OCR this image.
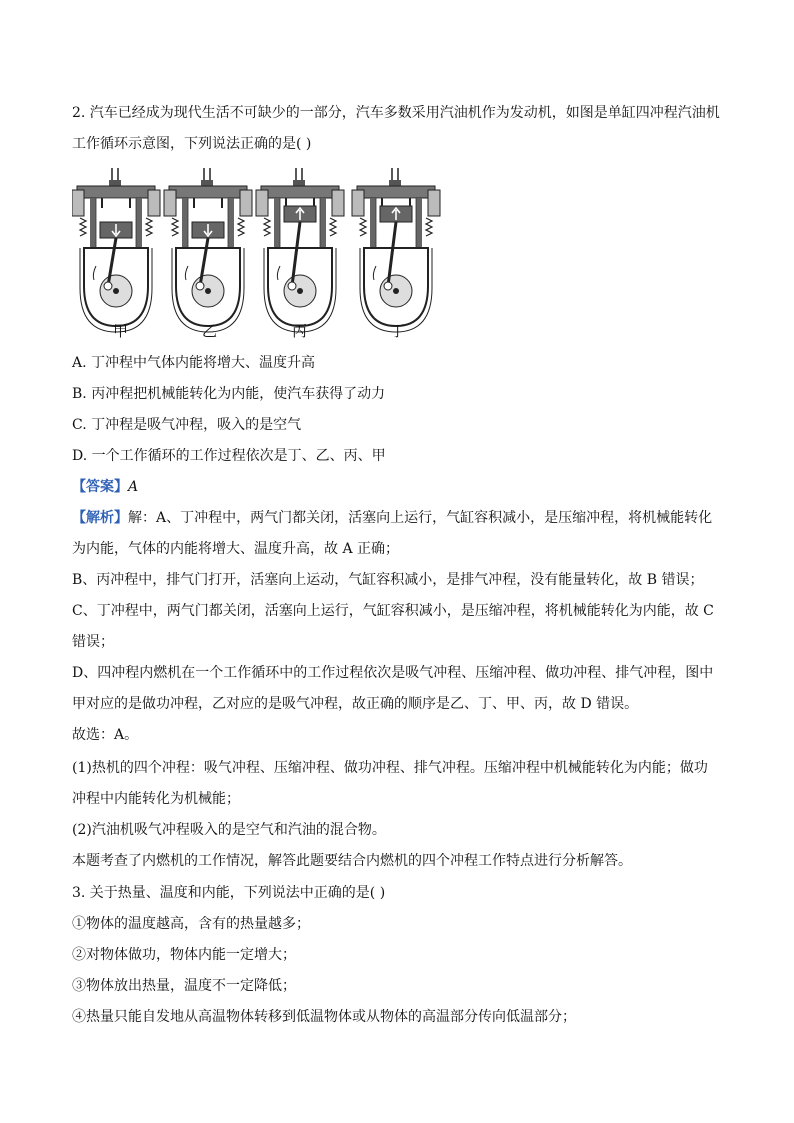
2. 汽车已经成为现代生活不可缺少的一部分，汽车多数采用汽油机作为发动机，如图是单缸四冲程汽油机
工作循环示意图，下列说法正确的是( )
甲	乙	丙	丁
A. 丁冲程中气体内能将增大、温度升高
B. 丙冲程把机械能转化为内能，使汽车获得了动力
C. 丁冲程是吸气冲程，吸入的是空气
D. 一个工作循环的工作过程依次是丁、乙、丙、甲
【答案】A
【解析】解：A、丁冲程中，两气门都关闭，活塞向上运行，气缸容积减小，是压缩冲程，将机械能转化
为内能，气体的内能将增大、温度升高，故 A 正确；
B、丙冲程中，排气门打开，活塞向上运动，气缸容积减小，是排气冲程，没有能量转化，故 B 错误；
C、丁冲程中，两气门都关闭，活塞向上运行，气缸容积减小，是压缩冲程，将机械能转化为内能，故 C
错误；
D、四冲程内燃机在一个工作循环中的工作过程依次是吸气冲程、压缩冲程、做功冲程、排气冲程，图中
甲对应的是做功冲程，乙对应的是吸气冲程，故正确的顺序是乙、丁、甲、丙，故 D 错误。
故选：A。
(1)热机的四个冲程：吸气冲程、压缩冲程、做功冲程、排气冲程。压缩冲程中机械能转化为内能；做功
冲程中内能转化为机械能；
(2)汽油机吸气冲程吸入的是空气和汽油的混合物。
本题考查了内燃机的工作情况，解答此题要结合内燃机的四个冲程工作特点进行分析解答。
3. 关于热量、温度和内能，下列说法中正确的是( )
①物体的温度越高，含有的热量越多；
②对物体做功，物体内能一定增大；
③物体放出热量，温度不一定降低；
④热量只能自发地从高温物体转移到低温物体或从物体的高温部分传向低温部分；
